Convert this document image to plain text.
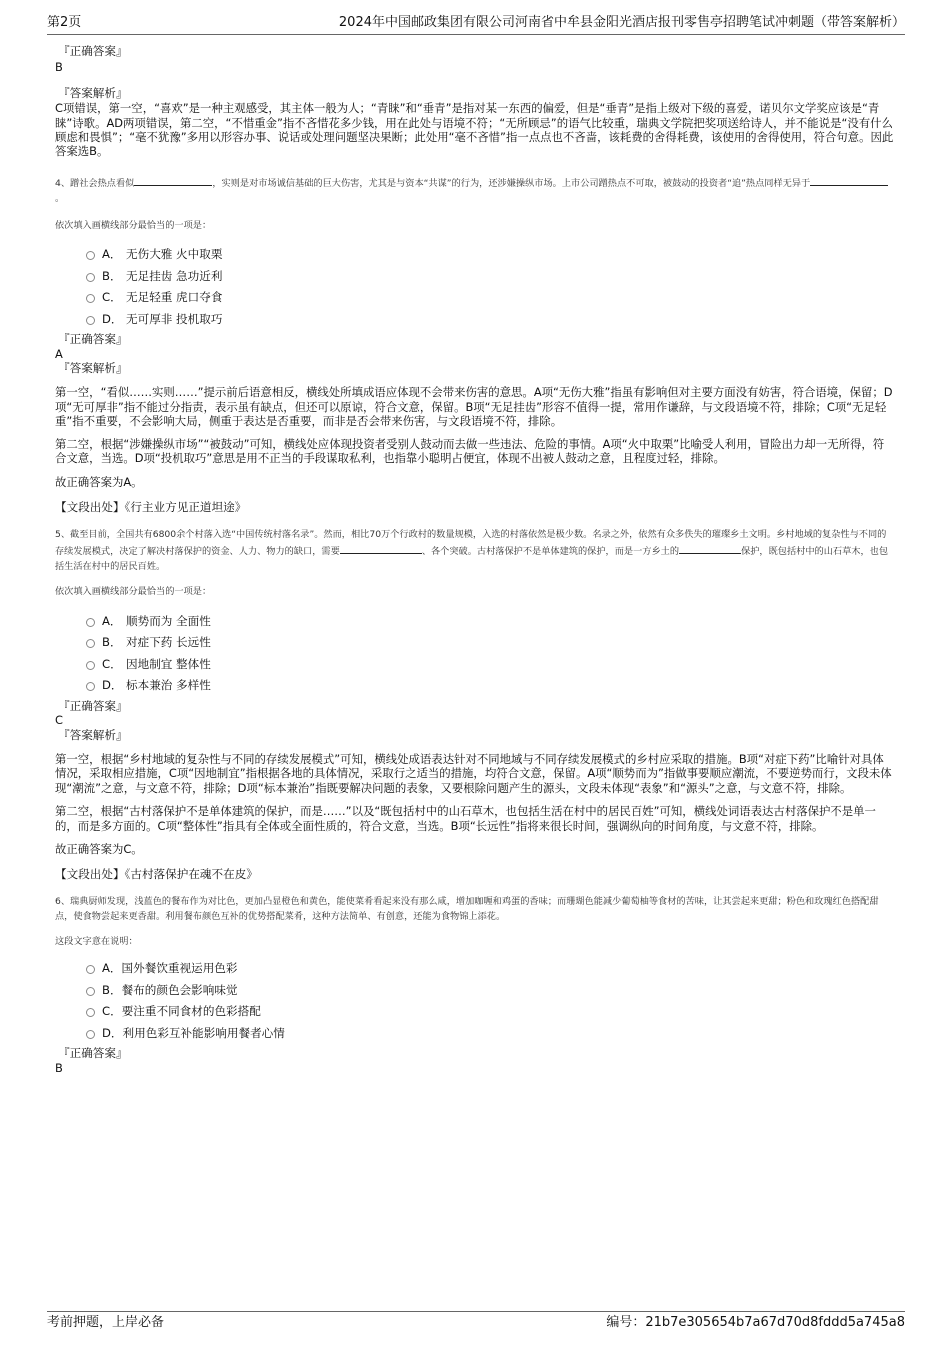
第2页	2024年中国邮政集团有限公司河南省中牟县金阳光酒店报刊零售亭招聘笔试冲刺题（带答案解析）

『正确答案』

B

『答案解析』

C项错误，第一空，“喜欢”是一种主观感受，其主体一般为人；“青睐”和“垂青”是指对某一东西的偏爱，但是“垂青”是指上级对下级的喜爱，诺贝尔文学奖应该是“青睐”诗歌。AD两项错误，第二空，“不惜重金”指不吝惜花多少钱，用在此处与语境不符；“无所顾忌”的语气比较重，瑞典文学院把奖项送给诗人，并不能说是“没有什么顾虑和畏惧”；“毫不犹豫”多用以形容办事、说话或处理问题坚决果断；此处用“毫不吝惜”指一点点也不吝啬，该耗费的舍得耗费，该使用的舍得使用，符合句意。因此答案选B。

4、蹭社会热点看似	，实则是对市场诚信基础的巨大伤害，尤其是与资本“共谋”的行为，还涉嫌操纵市场。上市公司蹭热点不可取，被鼓动的投资者“追”热点同样无异于。

依次填入画横线部分最恰当的一项是：

A． 无伤大雅 火中取栗
B． 无足挂齿 急功近利
C． 无足轻重 虎口夺食
D． 无可厚非 投机取巧

『正确答案』

A

『答案解析』

第一空，“看似……实则……”提示前后语意相反，横线处所填成语应体现不会带来伤害的意思。A项“无伤大雅”指虽有影响但对主要方面没有妨害，符合语境，保留；D项“无可厚非”指不能过分指责，表示虽有缺点，但还可以原谅，符合文意，保留。B项“无足挂齿”形容不值得一提，常用作谦辞，与文段语境不符，排除；C项“无足轻重”指不重要，不会影响大局，侧重于表达是否重要，而非是否会带来伤害，与文段语境不符，排除。

第二空，根据“涉嫌操纵市场”“被鼓动”可知，横线处应体现投资者受别人鼓动而去做一些违法、危险的事情。A项“火中取栗”比喻受人利用，冒险出力却一无所得，符合文意，当选。D项“投机取巧”意思是用不正当的手段谋取私利，也指靠小聪明占便宜，体现不出被人鼓动之意，且程度过轻，排除。

故正确答案为A。

【文段出处】《行主业方见正道坦途》

5、截至目前，全国共有6800余个村落入选“中国传统村落名录”。然而，相比70万个行政村的数量规模，入选的村落依然是极少数。名录之外，依然有众多佚失的璀璨乡土文明。乡村地域的复杂性与不同的存续发展模式，决定了解决村落保护的资金、人力、物力的缺口，需要	、各个突破。古村落保护不是单体建筑的保护，而是一方乡土的	保护，既包括村中的山石草木，也包括生活在村中的居民百姓。

依次填入画横线部分最恰当的一项是：

A． 顺势而为 全面性
B． 对症下药 长远性
C． 因地制宜 整体性
D． 标本兼治 多样性

『正确答案』

C

『答案解析』

第一空，根据“乡村地域的复杂性与不同的存续发展模式”可知，横线处成语表达针对不同地域与不同存续发展模式的乡村应采取的措施。B项“对症下药”比喻针对具体情况，采取相应措施，C项“因地制宜”指根据各地的具体情况，采取行之适当的措施，均符合文意，保留。A项“顺势而为”指做事要顺应潮流，不要逆势而行，文段未体现“潮流”之意，与文意不符，排除；D项“标本兼治”指既要解决问题的表象，又要根除问题产生的源头，文段未体现“表象”和“源头”之意，与文意不符，排除。

第二空，根据“古村落保护不是单体建筑的保护，而是……”以及“既包括村中的山石草木，也包括生活在村中的居民百姓”可知，横线处词语表达古村落保护不是单一的，而是多方面的。C项“整体性”指具有全体或全面性质的，符合文意，当选。B项“长远性”指将来很长时间，强调纵向的时间角度，与文意不符，排除。

故正确答案为C。

【文段出处】《古村落保护在魂不在皮》

6、瑞典厨师发现，浅蓝色的餐布作为对比色，更加凸显橙色和黄色，能使菜肴看起来没有那么咸，增加咖喱和鸡蛋的香味；而珊瑚色能减少葡萄柚等食材的苦味，让其尝起来更甜；粉色和玫瑰红色搭配甜点，使食物尝起来更香甜。利用餐布颜色互补的优势搭配菜肴，这种方法简单、有创意，还能为食物锦上添花。

这段文字意在说明：

A．国外餐饮重视运用色彩
B．餐布的颜色会影响味觉
C．要注重不同食材的色彩搭配
D．利用色彩互补能影响用餐者心情

『正确答案』

B

考前押题，上岸必备	编号：21b7e305654b7a67d70d8fddd5a745a8
